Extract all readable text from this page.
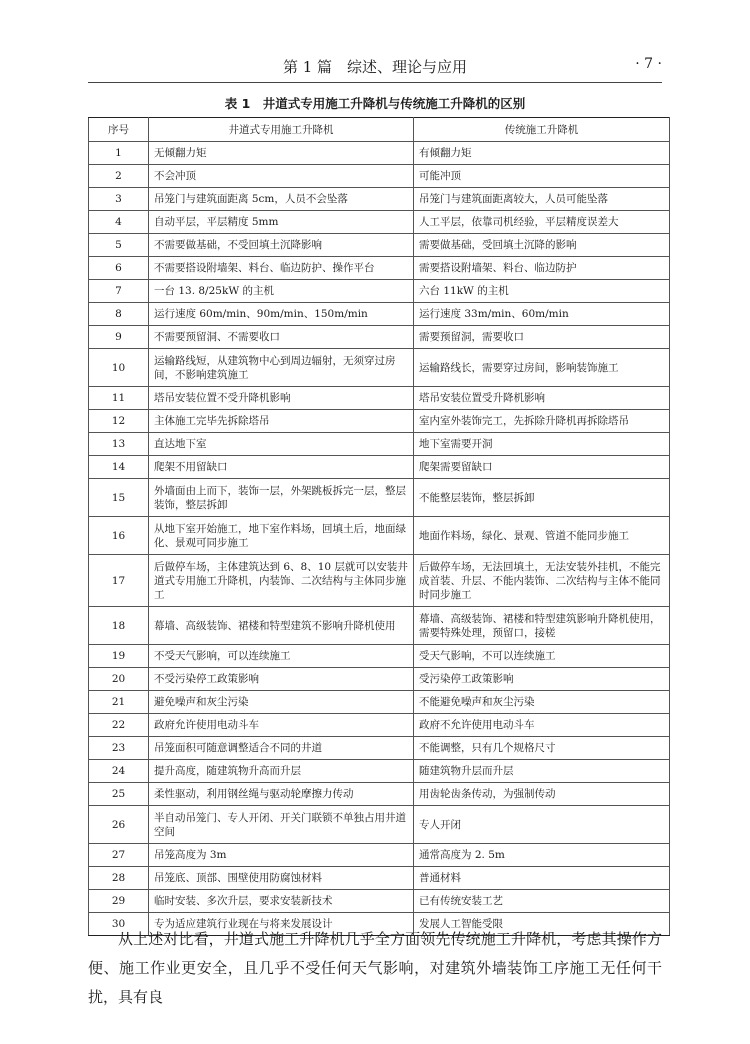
第 1 篇　综述、理论与应用	· 7 ·
表 1　井道式专用施工升降机与传统施工升降机的区别
序号	井道式专用施工升降机	传统施工升降机
1	无倾翻力矩	有倾翻力矩
2	不会冲顶	可能冲顶
3	吊笼门与建筑面距离 5cm，人员不会坠落	吊笼门与建筑面距离较大，人员可能坠落
4	自动平层，平层精度 5mm	人工平层，依靠司机经验，平层精度误差大
5	不需要做基础，不受回填土沉降影响	需要做基础，受回填土沉降的影响
6	不需要搭设附墙架、料台、临边防护、操作平台	需要搭设附墙架、料台、临边防护
7	一台 13. 8/25kW 的主机	六台 11kW 的主机
8	运行速度 60m/min、90m/min、150m/min	运行速度 33m/min、60m/min
9	不需要预留洞、不需要收口	需要预留洞，需要收口
10	运输路线短，从建筑物中心到周边辐射，无须穿过房间，不影响建筑施工	运输路线长，需要穿过房间，影响装饰施工
11	塔吊安装位置不受升降机影响	塔吊安装位置受升降机影响
12	主体施工完毕先拆除塔吊	室内室外装饰完工，先拆除升降机再拆除塔吊
13	直达地下室	地下室需要开洞
14	爬架不用留缺口	爬架需要留缺口
15	外墙面由上而下，装饰一层，外架跳板拆完一层，整层装饰，整层拆卸	不能整层装饰，整层拆卸
16	从地下室开始施工，地下室作料场，回填土后，地面绿化、景观可同步施工	地面作料场，绿化、景观、管道不能同步施工
17	后做停车场，主体建筑达到 6、8、10 层就可以安装井道式专用施工升降机，内装饰、二次结构与主体同步施工	后做停车场，无法回填土，无法安装外挂机，不能完成首装、升层、不能内装饰、二次结构与主体不能同时同步施工
18	幕墙、高级装饰、裙楼和特型建筑不影响升降机使用	幕墙、高级装饰、裙楼和特型建筑影响升降机使用，需要特殊处理，预留口，接槎
19	不受天气影响，可以连续施工	受天气影响，不可以连续施工
20	不受污染停工政策影响	受污染停工政策影响
21	避免噪声和灰尘污染	不能避免噪声和灰尘污染
22	政府允许使用电动斗车	政府不允许使用电动斗车
23	吊笼面积可随意调整适合不同的井道	不能调整，只有几个规格尺寸
24	提升高度，随建筑物升高而升层	随建筑物升层而升层
25	柔性驱动，利用钢丝绳与驱动轮摩擦力传动	用齿轮齿条传动，为强制传动
26	半自动吊笼门、专人开闭、开关门联锁不单独占用井道空间	专人开闭
27	吊笼高度为 3m	通常高度为 2. 5m
28	吊笼底、顶部、围壁使用防腐蚀材料	普通材料
29	临时安装、多次升层，要求安装新技术	已有传统安装工艺
30	专为适应建筑行业现在与将来发展设计	发展人工智能受限

从上述对比看，井道式施工升降机几乎全方面领先传统施工升降机，考虑其操作方便、施工作业更安全，且几乎不受任何天气影响，对建筑外墙装饰工序施工无任何干扰，具有良
